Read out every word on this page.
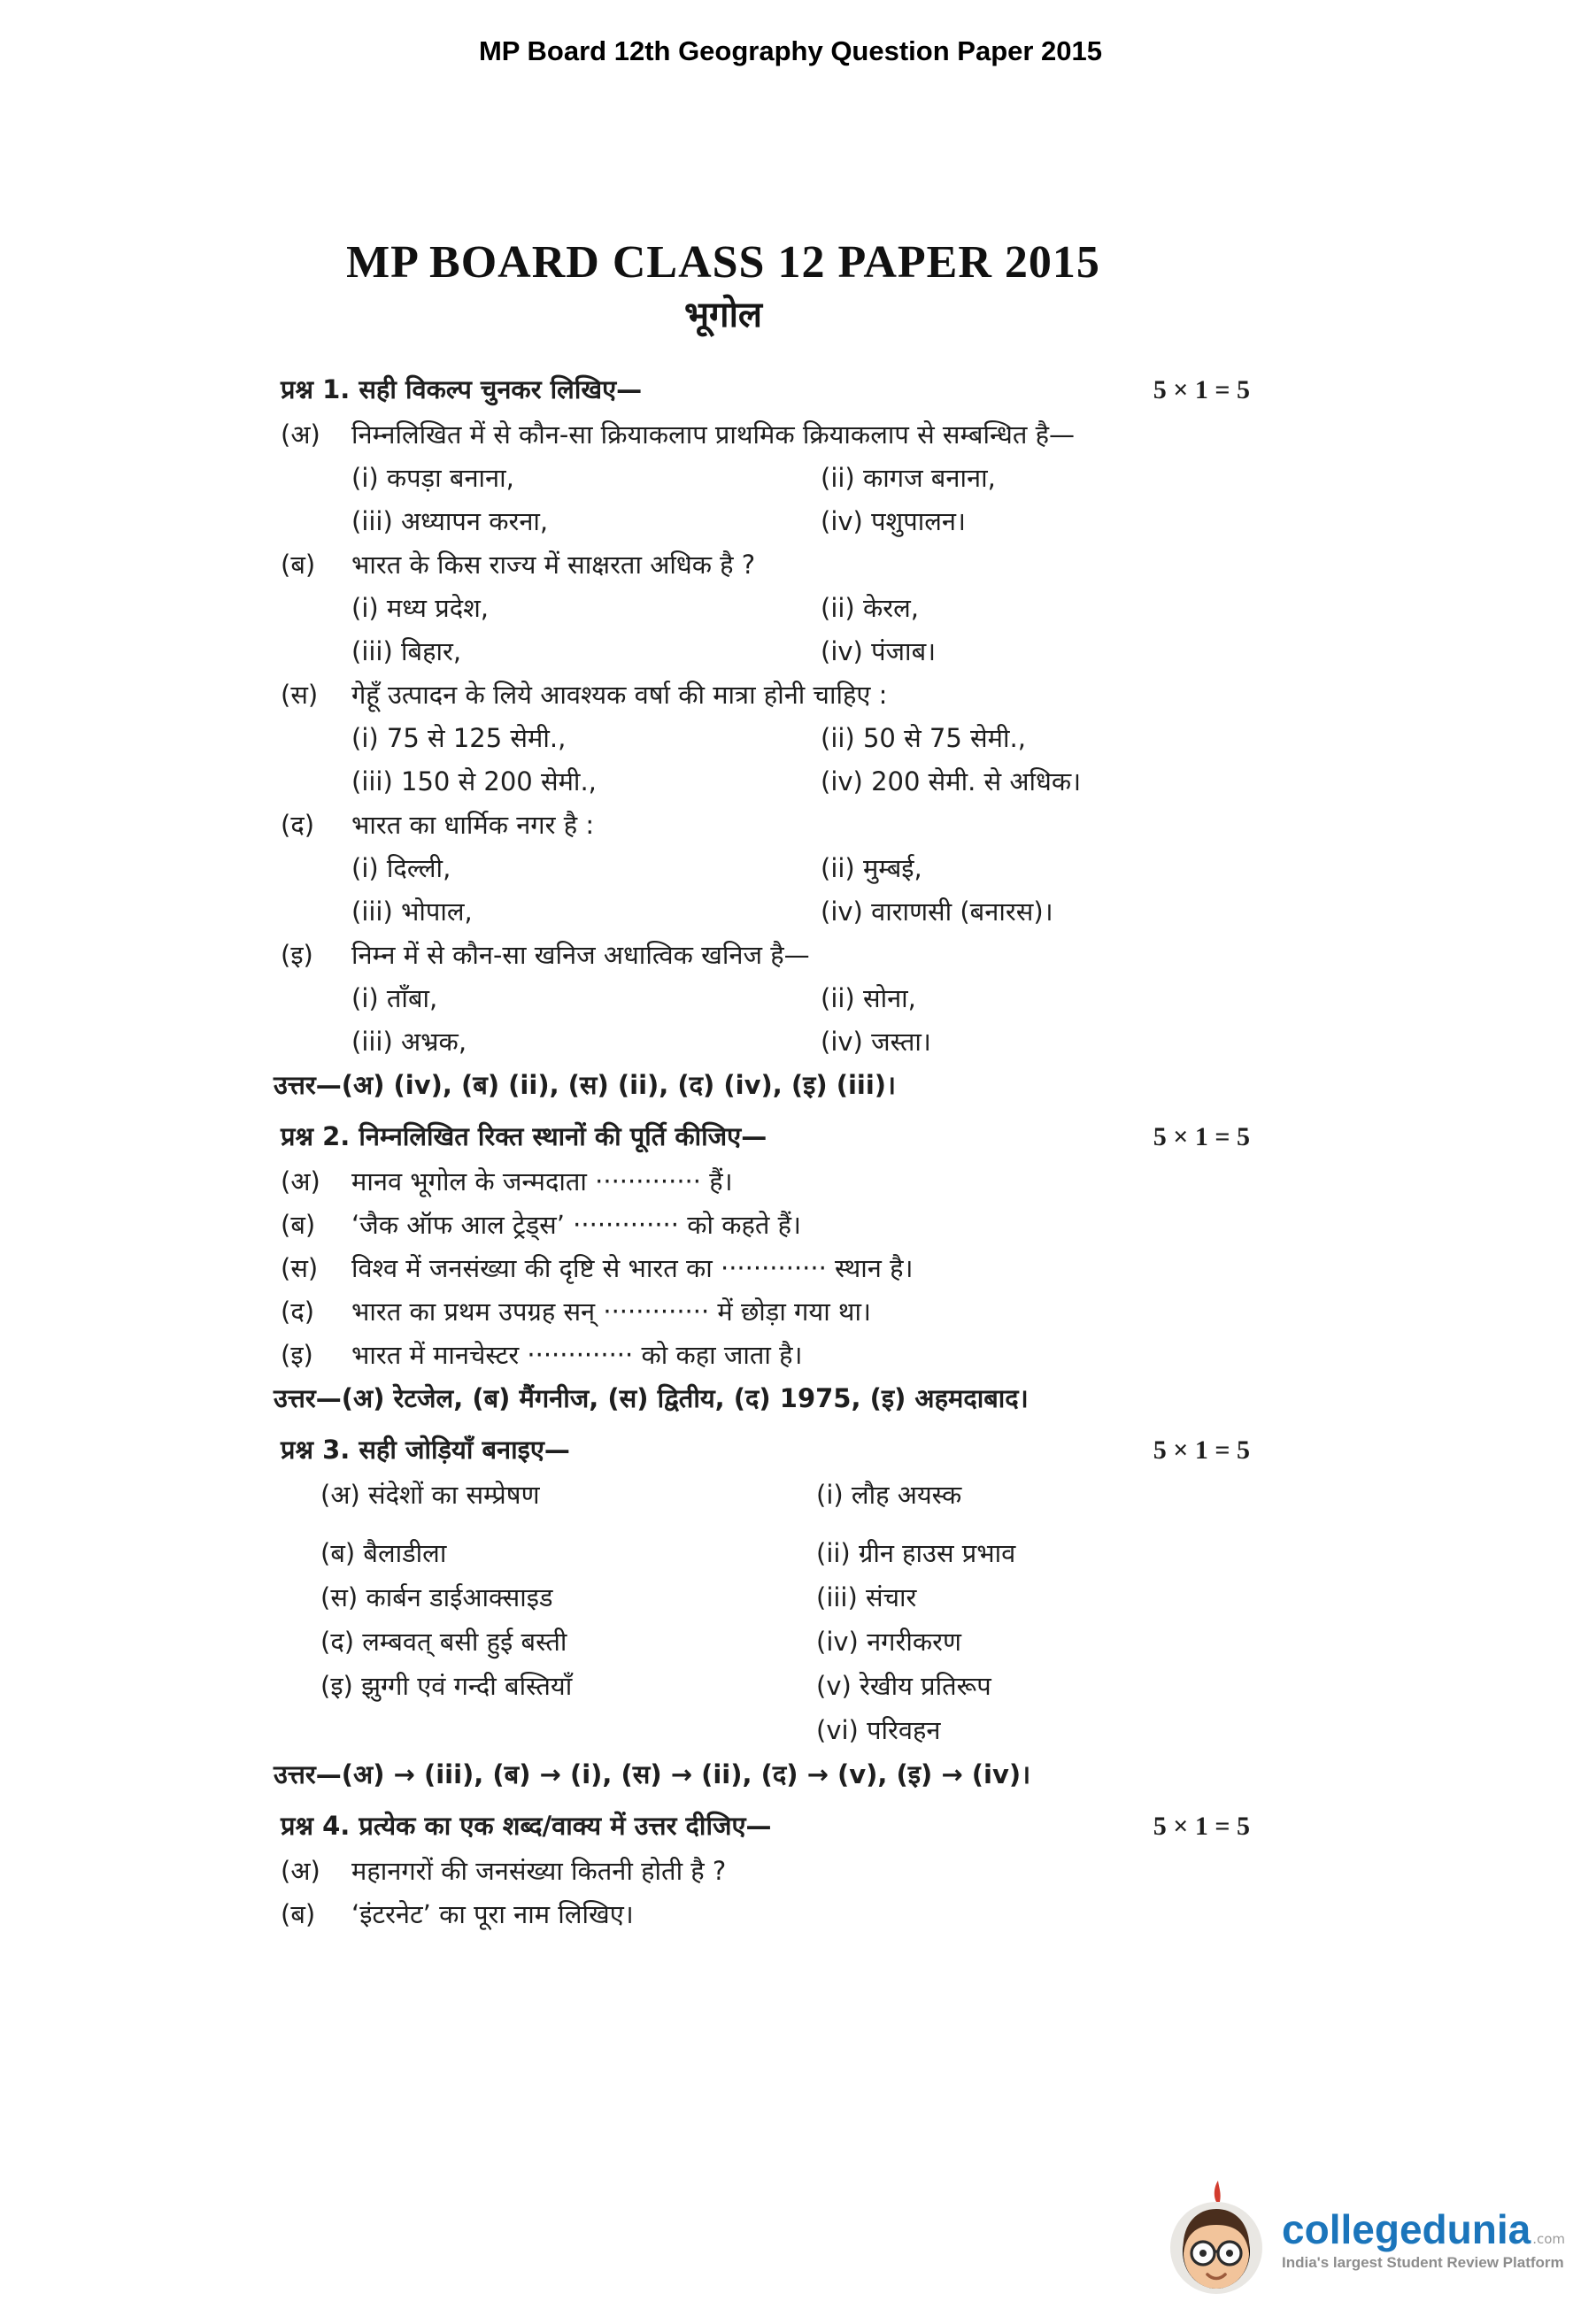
MP Board 12th Geography Question Paper 2015
MP BOARD CLASS 12 PAPER 2015
भूगोल
प्रश्न 1. सही विकल्प चुनकर लिखिए—	5 × 1 = 5
(अ)	निम्नलिखित में से कौन-सा क्रियाकलाप प्राथमिक क्रियाकलाप से सम्बन्धित है—
(i) कपड़ा बनाना,	(ii) कागज बनाना,
(iii) अध्यापन करना,	(iv) पशुपालन।
(ब)	भारत के किस राज्य में साक्षरता अधिक है ?
(i) मध्य प्रदेश,	(ii) केरल,
(iii) बिहार,	(iv) पंजाब।
(स)	गेहूँ उत्पादन के लिये आवश्यक वर्षा की मात्रा होनी चाहिए :
(i) 75 से 125 सेमी.,	(ii) 50 से 75 सेमी.,
(iii) 150 से 200 सेमी.,	(iv) 200 सेमी. से अधिक।
(द)	भारत का धार्मिक नगर है :
(i) दिल्ली,	(ii) मुम्बई,
(iii) भोपाल,	(iv) वाराणसी (बनारस)।
(इ)	निम्न में से कौन-सा खनिज अधात्विक खनिज है—
(i) ताँबा,	(ii) सोना,
(iii) अभ्रक,	(iv) जस्ता।
उत्तर—(अ) (iv), (ब) (ii), (स) (ii), (द) (iv), (इ) (iii)।
प्रश्न 2. निम्नलिखित रिक्त स्थानों की पूर्ति कीजिए—	5 × 1 = 5
(अ)	मानव भूगोल के जन्मदाता ············· हैं।
(ब)	‘जैक ऑफ आल ट्रेड्स’ ············· को कहते हैं।
(स)	विश्व में जनसंख्या की दृष्टि से भारत का ············· स्थान है।
(द)	भारत का प्रथम उपग्रह सन् ············· में छोड़ा गया था।
(इ)	भारत में मानचेस्टर ············· को कहा जाता है।
उत्तर—(अ) रेटजेल, (ब) मैंगनीज, (स) द्वितीय, (द) 1975, (इ) अहमदाबाद।
प्रश्न 3. सही जोड़ियाँ बनाइए—	5 × 1 = 5
(अ) संदेशों का सम्प्रेषण	(i) लौह अयस्क
(ब) बैलाडीला	(ii) ग्रीन हाउस प्रभाव
(स) कार्बन डाईआक्साइड	(iii) संचार
(द) लम्बवत् बसी हुई बस्ती	(iv) नगरीकरण
(इ) झुग्गी एवं गन्दी बस्तियाँ	(v) रेखीय प्रतिरूप
(vi) परिवहन
उत्तर—(अ) → (iii), (ब) → (i), (स) → (ii), (द) → (v), (इ) → (iv)।
प्रश्न 4. प्रत्येक का एक शब्द/वाक्य में उत्तर दीजिए—	5 × 1 = 5
(अ)	महानगरों की जनसंख्या कितनी होती है ?
(ब)	‘इंटरनेट’ का पूरा नाम लिखिए।
collegedunia .com
India's largest Student Review Platform
